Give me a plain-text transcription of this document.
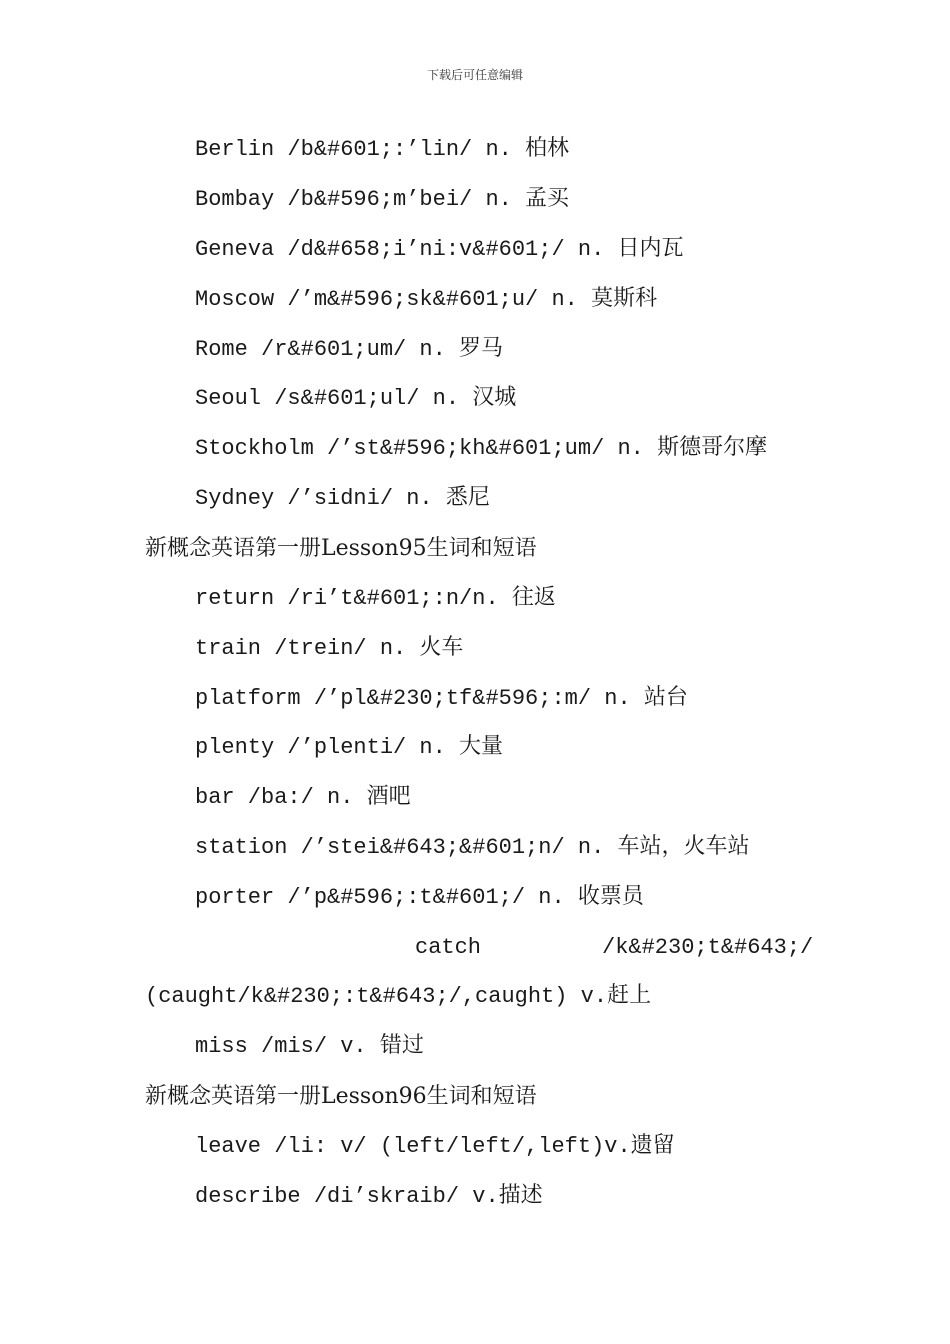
下载后可任意编辑
Berlin /b&#601;:’lin/ n. 柏林
Bombay /b&#596;m’bei/ n. 孟买
Geneva /d&#658;i’ni:v&#601;/ n. 日内瓦
Moscow /’m&#596;sk&#601;u/ n. 莫斯科
Rome /r&#601;um/ n. 罗马
Seoul /s&#601;ul/ n. 汉城
Stockholm /’st&#596;kh&#601;um/ n. 斯德哥尔摩
Sydney /’sidni/ n. 悉尼
新概念英语第一册Lesson95生词和短语
return /ri’t&#601;:n/n. 往返
train /trein/ n. 火车
platform /’pl&#230;tf&#596;:m/ n. 站台
plenty /’plenti/ n. 大量
bar /ba:/ n. 酒吧
station /’stei&#643;&#601;n/ n. 车站，火车站
porter /’p&#596;:t&#601;/ n. 收票员
catch	/k&#230;t&#643;/
(caught/k&#230;:t&#643;/,caught) v.赶上
miss /mis/ v. 错过
新概念英语第一册Lesson96生词和短语
leave /li: v/ (left/left/,left)v.遗留
describe /di’skraib/ v.描述
